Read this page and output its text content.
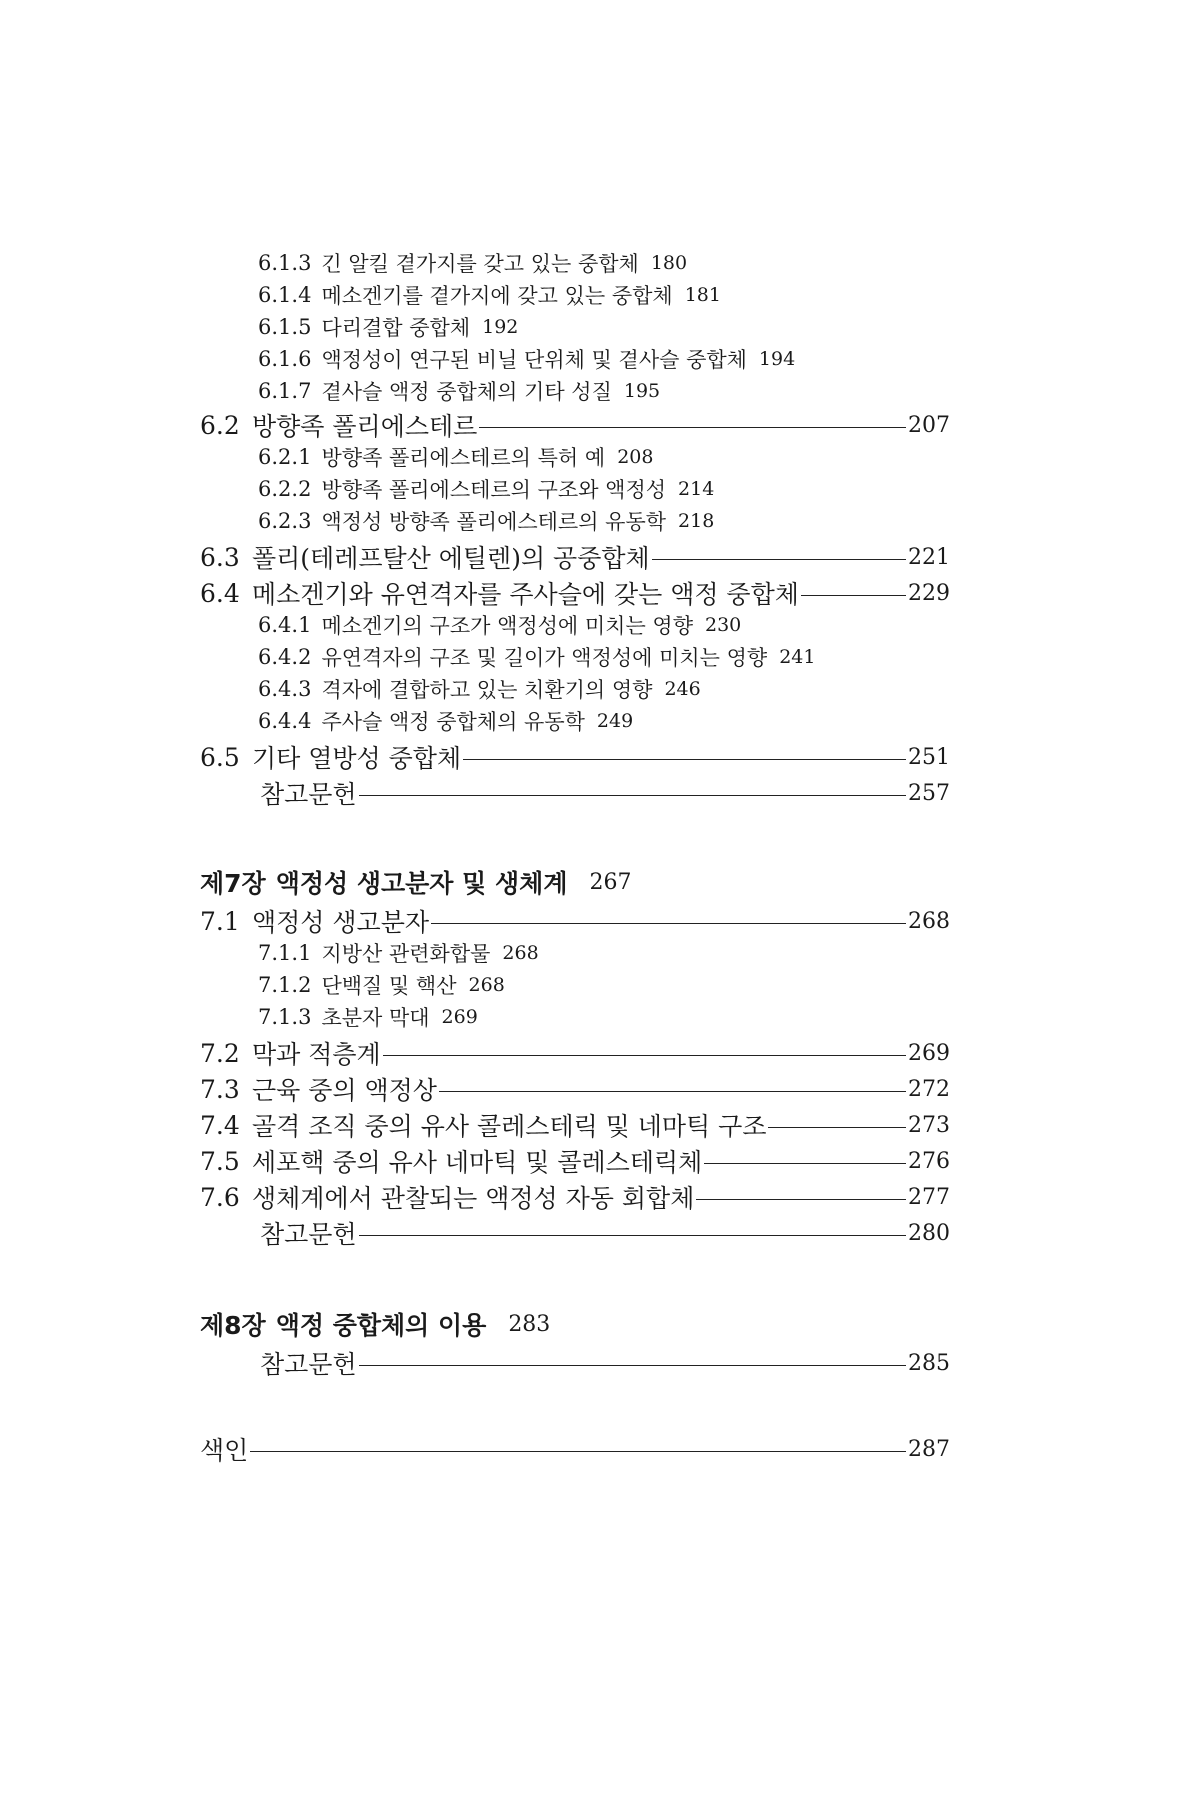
6.1.3 긴 알킬 곁가지를 갖고 있는 중합체 180
6.1.4 메소겐기를 곁가지에 갖고 있는 중합체 181
6.1.5 다리결합 중합체 192
6.1.6 액정성이 연구된 비닐 단위체 및 곁사슬 중합체 194
6.1.7 곁사슬 액정 중합체의 기타 성질 195
6.2 방향족 폴리에스테르	207
6.2.1 방향족 폴리에스테르의 특허 예 208
6.2.2 방향족 폴리에스테르의 구조와 액정성 214
6.2.3 액정성 방향족 폴리에스테르의 유동학 218
6.3 폴리(테레프탈산 에틸렌)의 공중합체	221
6.4 메소겐기와 유연격자를 주사슬에 갖는 액정 중합체	229
6.4.1 메소겐기의 구조가 액정성에 미치는 영향 230
6.4.2 유연격자의 구조 및 길이가 액정성에 미치는 영향 241
6.4.3 격자에 결합하고 있는 치환기의 영향 246
6.4.4 주사슬 액정 중합체의 유동학 249
6.5 기타 열방성 중합체	251
참고문헌	257
제7장 액정성 생고분자 및 생체계 267
7.1 액정성 생고분자	268
7.1.1 지방산 관련화합물 268
7.1.2 단백질 및 핵산 268
7.1.3 초분자 막대 269
7.2 막과 적층계	269
7.3 근육 중의 액정상	272
7.4 골격 조직 중의 유사 콜레스테릭 및 네마틱 구조	273
7.5 세포핵 중의 유사 네마틱 및 콜레스테릭체	276
7.6 생체계에서 관찰되는 액정성 자동 회합체	277
참고문헌	280
제8장 액정 중합체의 이용 283
참고문헌	285
색인	287
